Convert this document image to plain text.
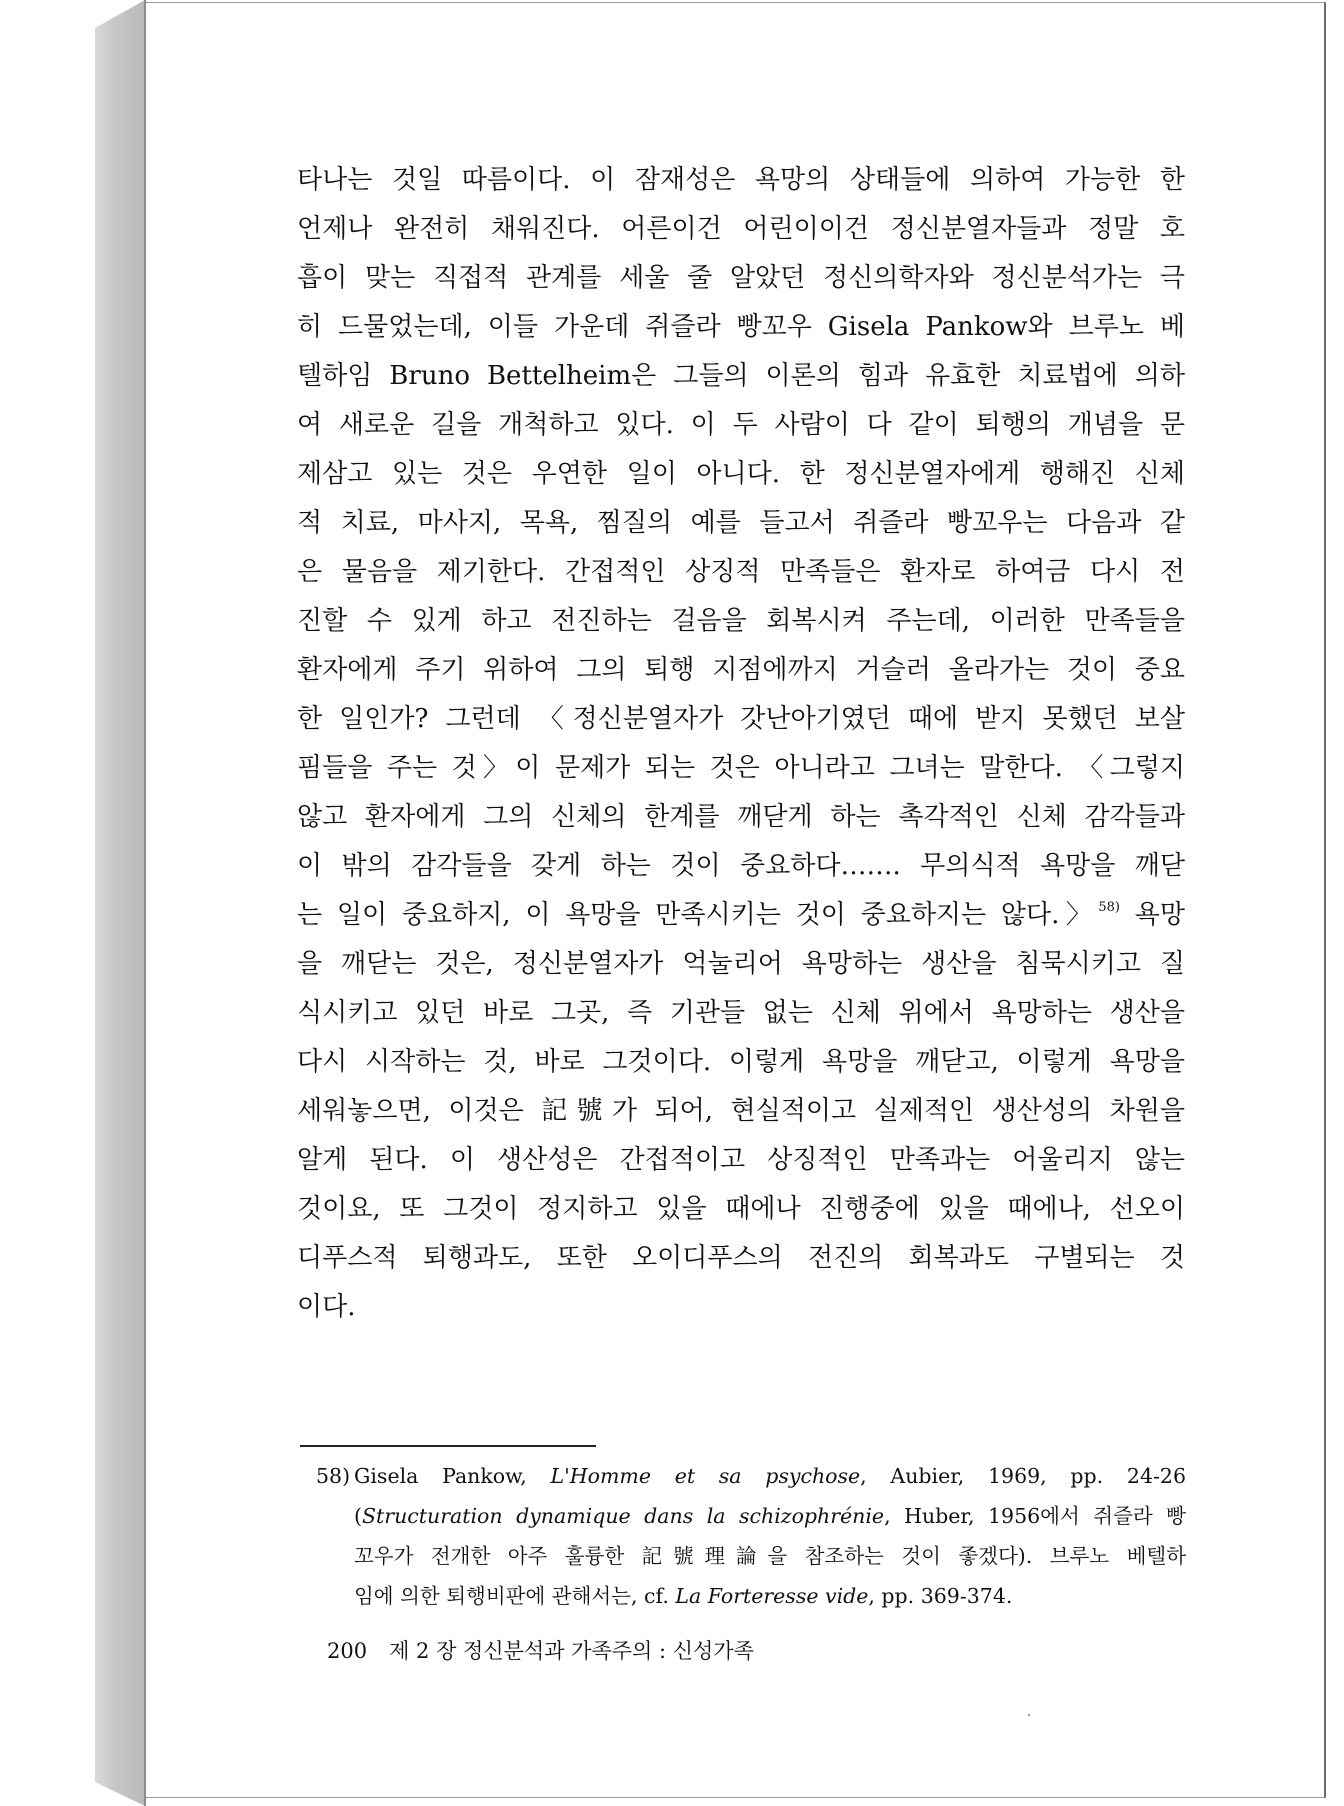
타나는 것일 따름이다. 이 잠재성은 욕망의 상태들에 의하여 가능한 한
언제나 완전히 채워진다. 어른이건 어린이이건 정신분열자들과 정말 호
흡이 맞는 직접적 관계를 세울 줄 알았던 정신의학자와 정신분석가는 극
히 드물었는데, 이들 가운데 쥐즐라 빵꼬우 Gisela Pankow와 브루노 베
텔하임 Bruno Bettelheim은 그들의 이론의 힘과 유효한 치료법에 의하
여 새로운 길을 개척하고 있다. 이 두 사람이 다 같이 퇴행의 개념을 문
제삼고 있는 것은 우연한 일이 아니다. 한 정신분열자에게 행해진 신체
적 치료, 마사지, 목욕, 찜질의 예를 들고서 쥐즐라 빵꼬우는 다음과 같
은 물음을 제기한다. 간접적인 상징적 만족들은 환자로 하여금 다시 전
진할 수 있게 하고 전진하는 걸음을 회복시켜 주는데, 이러한 만족들을
환자에게 주기 위하여 그의 퇴행 지점에까지 거슬러 올라가는 것이 중요
한 일인가? 그런데 〈정신분열자가 갓난아기였던 때에 받지 못했던 보살
핌들을 주는 것〉이 문제가 되는 것은 아니라고 그녀는 말한다. 〈그렇지
않고 환자에게 그의 신체의 한계를 깨닫게 하는 촉각적인 신체 감각들과
이 밖의 감각들을 갖게 하는 것이 중요하다……. 무의식적 욕망을 깨닫
는 일이 중요하지, 이 욕망을 만족시키는 것이 중요하지는 않다.〉$^{58)}$ 욕망
을 깨닫는 것은, 정신분열자가 억눌리어 욕망하는 생산을 침묵시키고 질
식시키고 있던 바로 그곳, 즉 기관들 없는 신체 위에서 욕망하는 생산을
다시 시작하는 것, 바로 그것이다. 이렇게 욕망을 깨닫고, 이렇게 욕망을
세워놓으면, 이것은 記號가 되어, 현실적이고 실제적인 생산성의 차원을
알게 된다. 이 생산성은 간접적이고 상징적인 만족과는 어울리지 않는
것이요, 또 그것이 정지하고 있을 때에나 진행중에 있을 때에나, 선오이
디푸스적 퇴행과도, 또한 오이디푸스의 전진의 회복과도 구별되는 것
이다.
58) Gisela Pankow, L'Homme et sa psychose, Aubier, 1969, pp. 24-26
(Structuration dynamique dans la schizophrénie, Huber, 1956에서 쥐즐라 빵
꼬우가 전개한 아주 훌륭한 記號理論을 참조하는 것이 좋겠다). 브루노 베텔하
임에 의한 퇴행비판에 관해서는, cf. La Forteresse vide, pp. 369-374.
200 제 2 장 정신분석과 가족주의 : 신성가족
